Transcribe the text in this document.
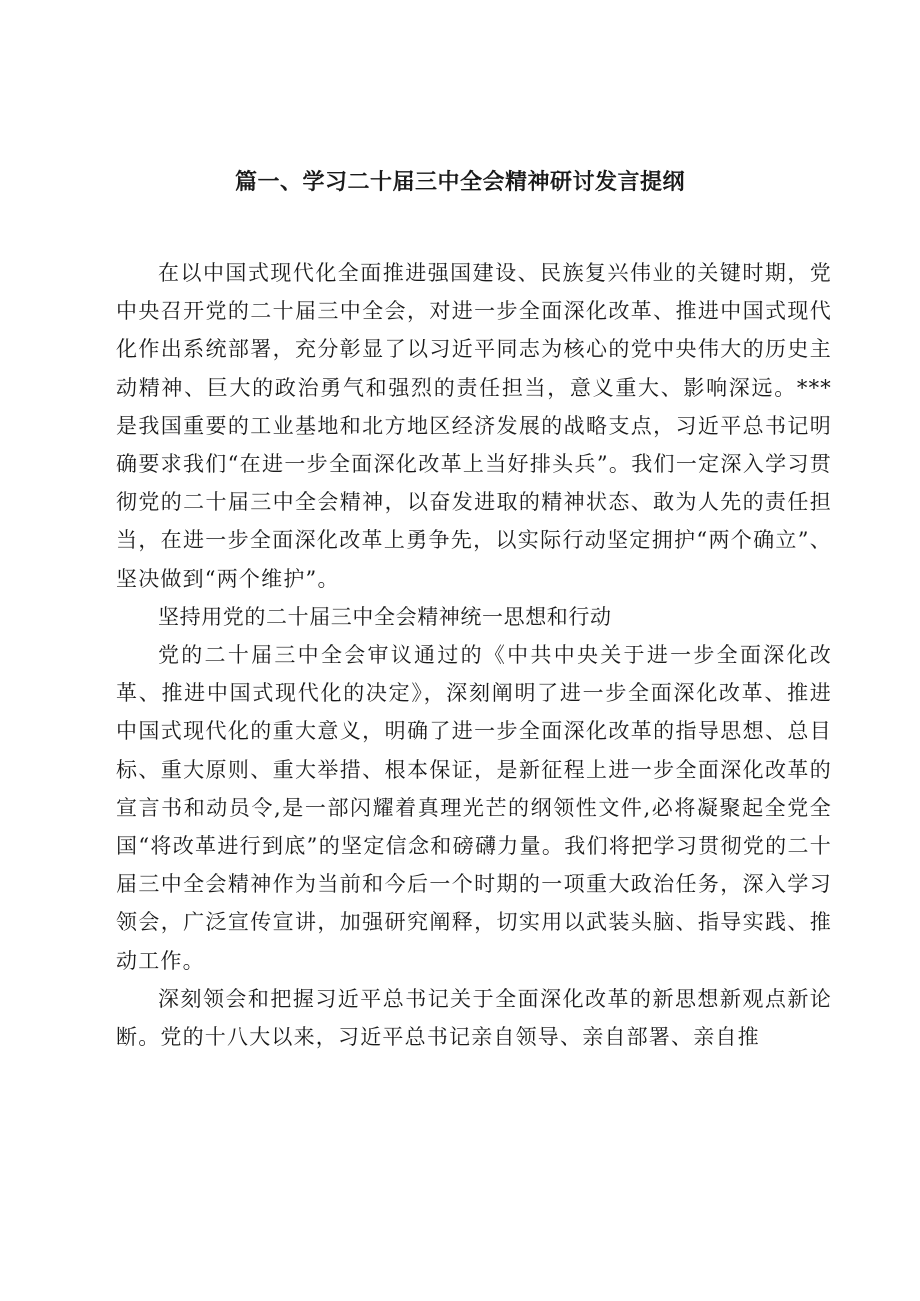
篇一、学习二十届三中全会精神研讨发言提纲

在以中国式现代化全面推进强国建设、民族复兴伟业的关键时期，党中央召开党的二十届三中全会，对进一步全面深化改革、推进中国式现代化作出系统部署，充分彰显了以习近平同志为核心的党中央伟大的历史主动精神、巨大的政治勇气和强烈的责任担当，意义重大、影响深远。***是我国重要的工业基地和北方地区经济发展的战略支点，习近平总书记明确要求我们“在进一步全面深化改革上当好排头兵”。我们一定深入学习贯彻党的二十届三中全会精神，以奋发进取的精神状态、敢为人先的责任担当，在进一步全面深化改革上勇争先，以实际行动坚定拥护“两个确立”、坚决做到“两个维护”。

坚持用党的二十届三中全会精神统一思想和行动

党的二十届三中全会审议通过的《中共中央关于进一步全面深化改革、推进中国式现代化的决定》，深刻阐明了进一步全面深化改革、推进中国式现代化的重大意义，明确了进一步全面深化改革的指导思想、总目标、重大原则、重大举措、根本保证，是新征程上进一步全面深化改革的宣言书和动员令,是一部闪耀着真理光芒的纲领性文件,必将凝聚起全党全国“将改革进行到底”的坚定信念和磅礴力量。我们将把学习贯彻党的二十届三中全会精神作为当前和今后一个时期的一项重大政治任务，深入学习领会，广泛宣传宣讲，加强研究阐释，切实用以武装头脑、指导实践、推动工作。

深刻领会和把握习近平总书记关于全面深化改革的新思想新观点新论断。党的十八大以来，习近平总书记亲自领导、亲自部署、亲自推
